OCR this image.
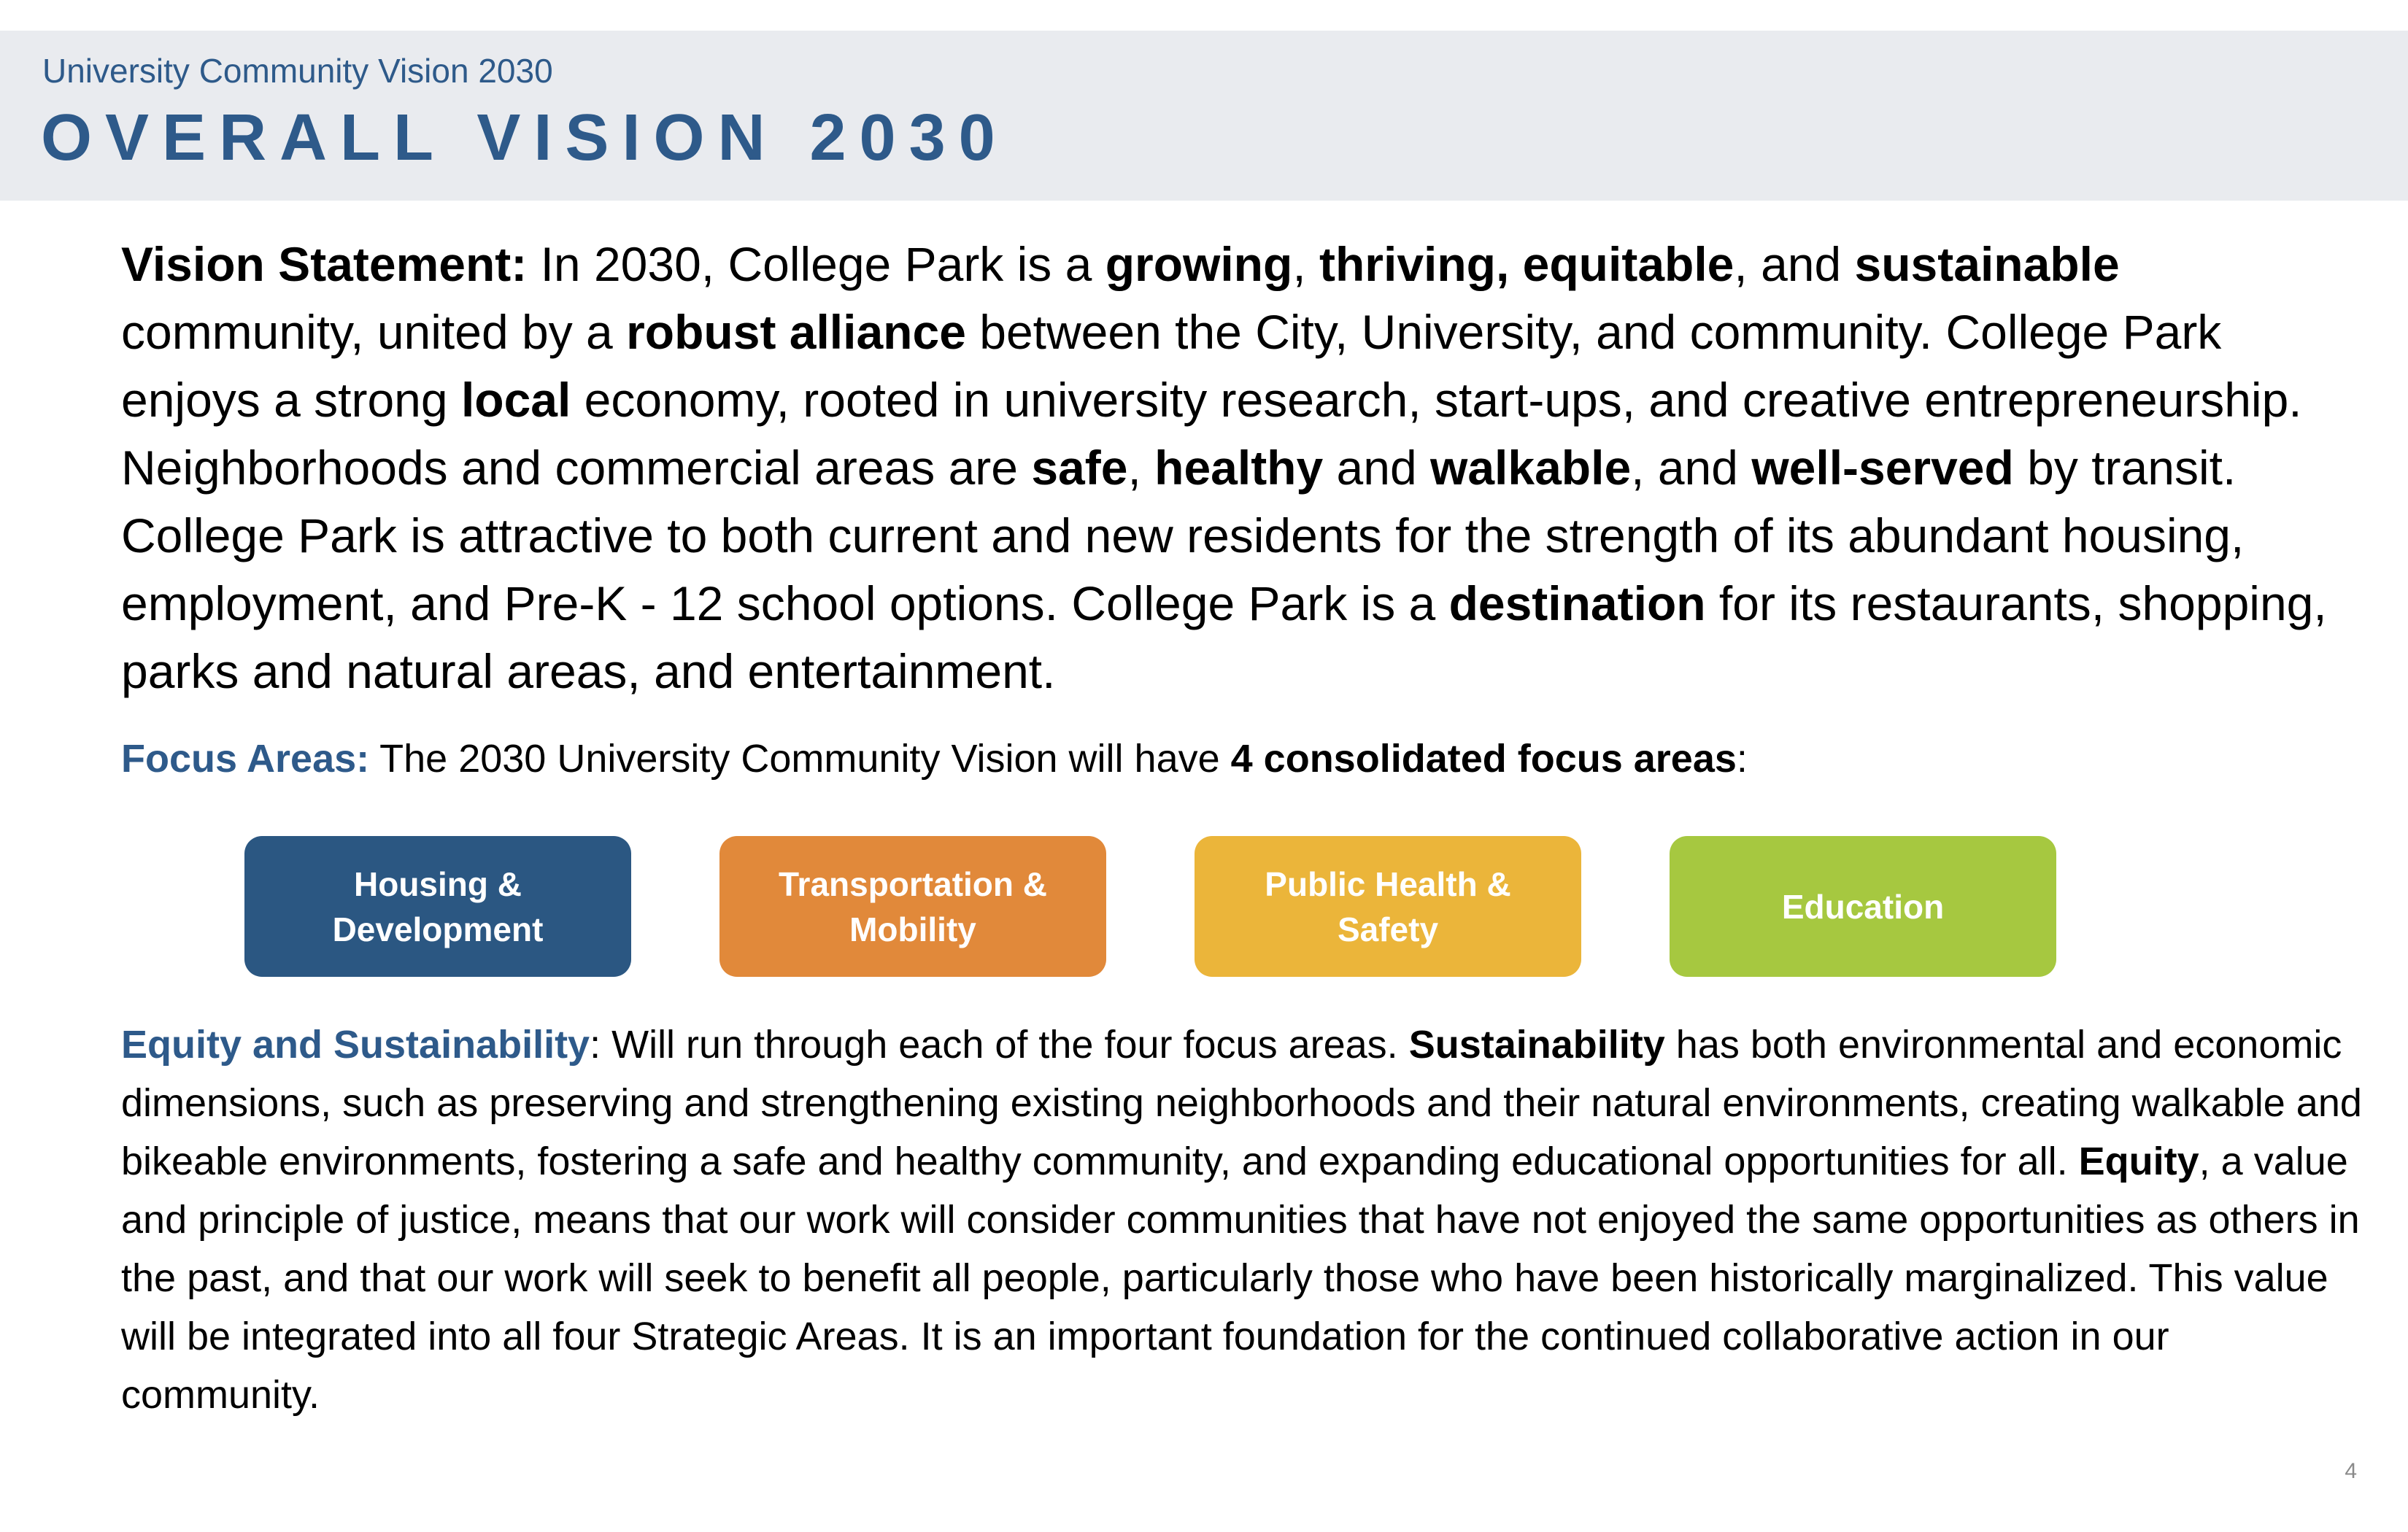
University Community Vision 2030
OVERALL VISION 2030

Vision Statement: In 2030, College Park is a growing, thriving, equitable, and sustainable community, united by a robust alliance between the City, University, and community. College Park enjoys a strong local economy, rooted in university research, start-ups, and creative entrepreneurship. Neighborhoods and commercial areas are safe, healthy and walkable, and well-served by transit. College Park is attractive to both current and new residents for the strength of its abundant housing, employment, and Pre-K - 12 school options. College Park is a destination for its restaurants, shopping, parks and natural areas, and entertainment.

Focus Areas: The 2030 University Community Vision will have 4 consolidated focus areas:

Housing &
Development
Transportation &
Mobility
Public Health &
Safety
Education

Equity and Sustainability: Will run through each of the four focus areas. Sustainability has both environmental and economic dimensions, such as preserving and strengthening existing neighborhoods and their natural environments, creating walkable and bikeable environments, fostering a safe and healthy community, and expanding educational opportunities for all. Equity, a value and principle of justice, means that our work will consider communities that have not enjoyed the same opportunities as others in the past, and that our work will seek to benefit all people, particularly those who have been historically marginalized. This value will be integrated into all four Strategic Areas. It is an important foundation for the continued collaborative action in our community.

4
